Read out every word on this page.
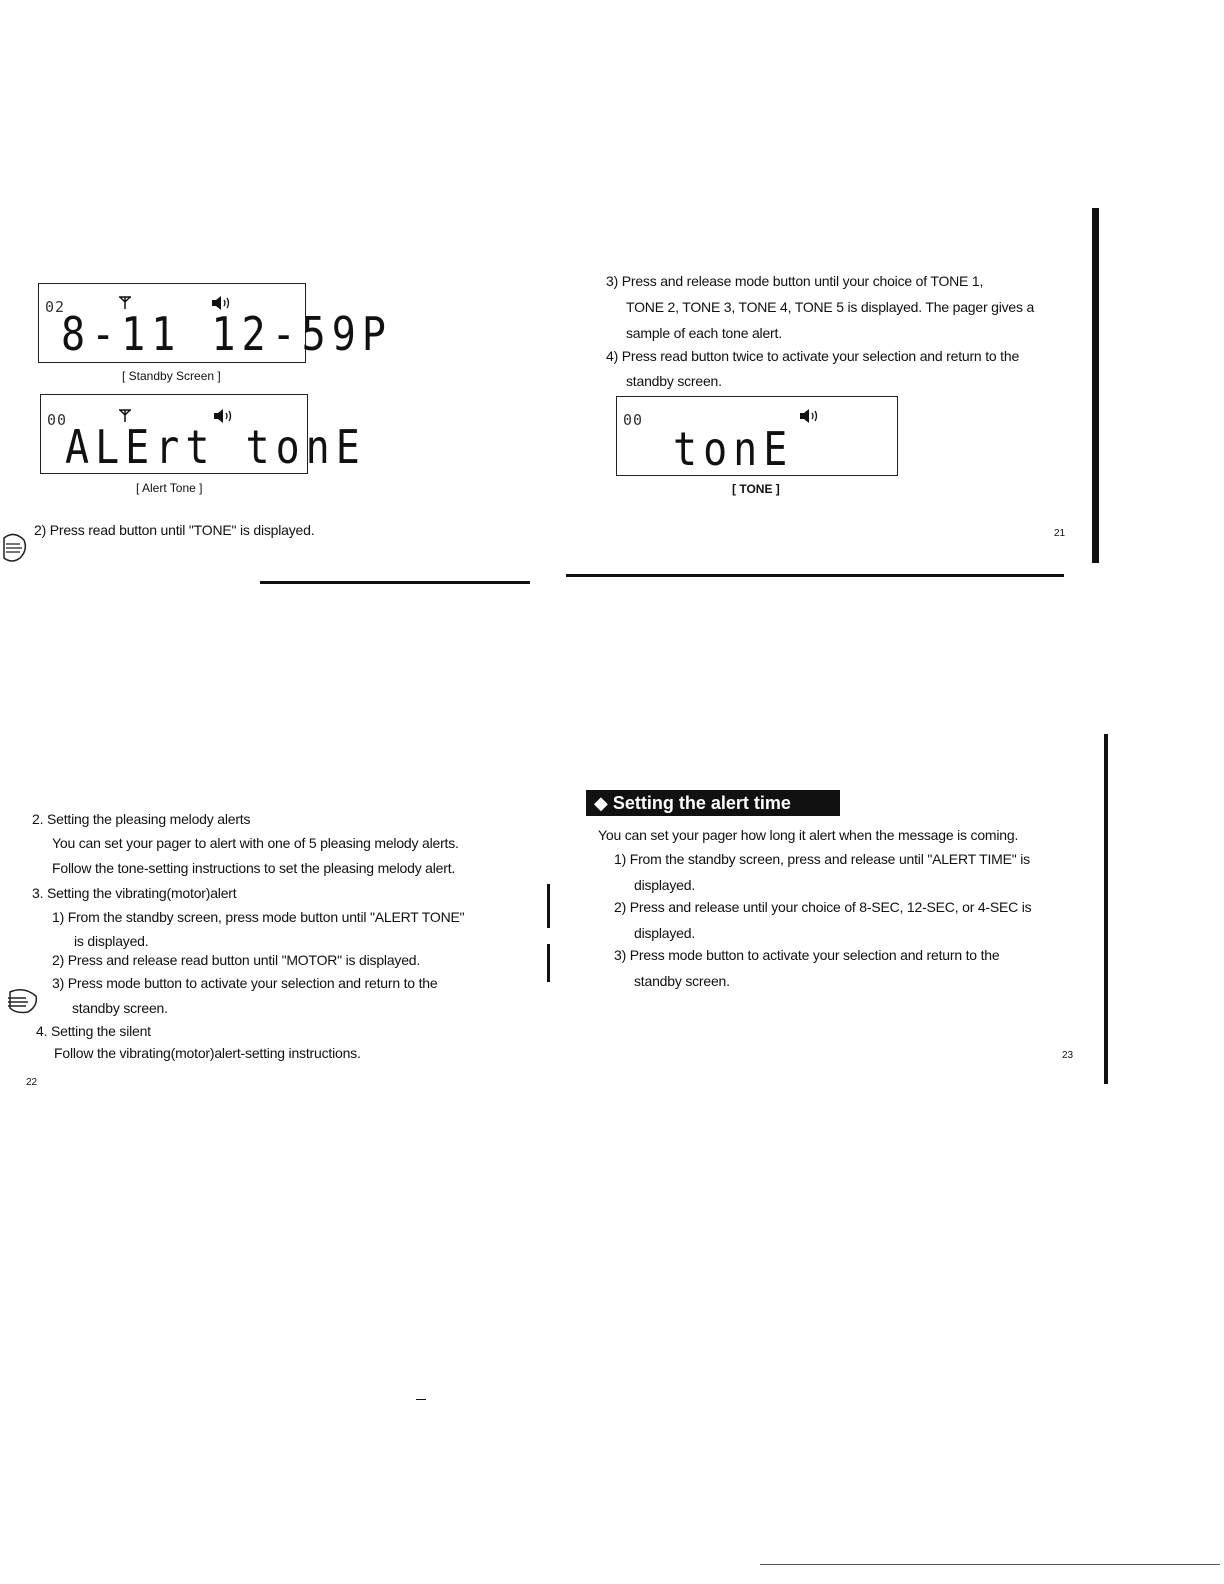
02
8-11 12-59P
[ Standby Screen ]
00
ALErt tonE
[ Alert Tone ]
2) Press read button until "TONE" is displayed.
3) Press and release mode button until your choice of TONE 1,
TONE 2, TONE 3, TONE 4, TONE 5 is displayed. The pager gives a
sample of each tone alert.
4) Press read button twice to activate your selection and return to the
standby screen.
00
tonE
[ TONE ]
21
2. Setting the pleasing melody alerts
You can set your pager to alert with one of 5 pleasing melody alerts.
Follow the tone-setting instructions to set the pleasing melody alert.
3. Setting the vibrating(motor)alert
1) From the standby screen, press mode button until "ALERT TONE"
is displayed.
2) Press and release read button until "MOTOR" is displayed.
3) Press mode button to activate your selection and return to the
standby screen.
4. Setting the silent
Follow the vibrating(motor)alert-setting instructions.
22
◆ Setting the alert time
You can set your pager how long it alert when the message is coming.
1) From the standby screen, press and release until "ALERT TIME" is
displayed.
2) Press and release until your choice of 8-SEC, 12-SEC, or 4-SEC is
displayed.
3) Press mode button to activate your selection and return to the
standby screen.
23
